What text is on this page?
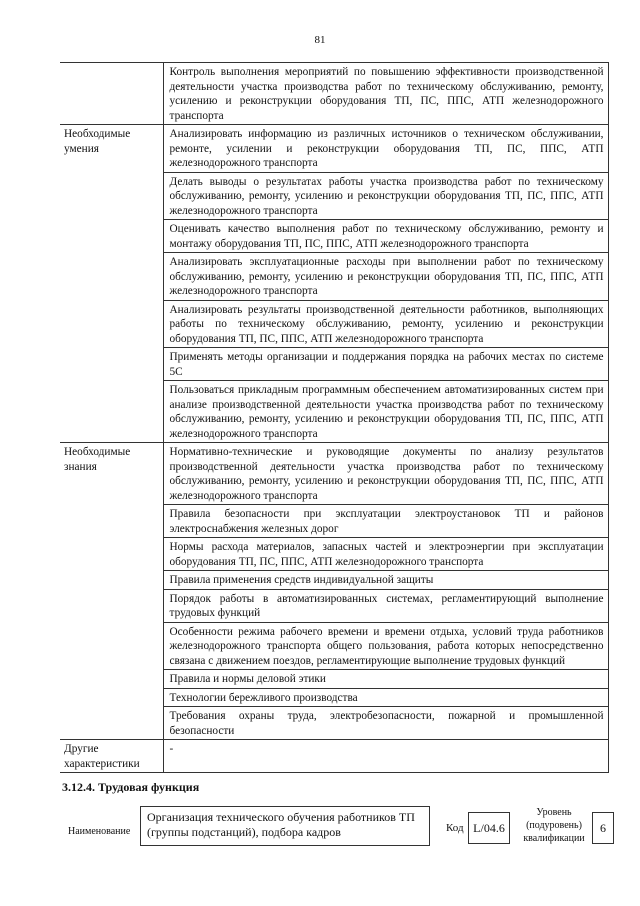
81
	Контроль выполнения мероприятий по повышению эффективности производственной деятельности участка производства работ по техническому обслуживанию, ремонту, усилению и реконструкции оборудования ТП, ПС, ППС, АТП железнодорожного транспорта
Необходимые умения	Анализировать информацию из различных источников о техническом обслуживании, ремонте, усилении и реконструкции оборудования ТП, ПС, ППС, АТП железнодорожного транспорта
	Делать выводы о результатах работы участка производства работ по техническому обслуживанию, ремонту, усилению и реконструкции оборудования ТП, ПС, ППС, АТП железнодорожного транспорта
	Оценивать качество выполнения работ по техническому обслуживанию, ремонту и монтажу оборудования ТП, ПС, ППС, АТП железнодорожного транспорта
	Анализировать эксплуатационные расходы при выполнении работ по техническому обслуживанию, ремонту, усилению и реконструкции оборудования ТП, ПС, ППС, АТП железнодорожного транспорта
	Анализировать результаты производственной деятельности работников, выполняющих работы по техническому обслуживанию, ремонту, усилению и реконструкции оборудования ТП, ПС, ППС, АТП железнодорожного транспорта
	Применять методы организации и поддержания порядка на рабочих местах по системе 5С
	Пользоваться прикладным программным обеспечением автоматизированных систем при анализе производственной деятельности участка производства работ по техническому обслуживанию, ремонту, усилению и реконструкции оборудования ТП, ПС, ППС, АТП железнодорожного транспорта
Необходимые знания	Нормативно-технические и руководящие документы по анализу результатов производственной деятельности участка производства работ по техническому обслуживанию, ремонту, усилению и реконструкции оборудования ТП, ПС, ППС, АТП железнодорожного транспорта
	Правила безопасности при эксплуатации электроустановок ТП и районов электроснабжения железных дорог
	Нормы расхода материалов, запасных частей и электроэнергии при эксплуатации оборудования ТП, ПС, ППС, АТП железнодорожного транспорта
	Правила применения средств индивидуальной защиты
	Порядок работы в автоматизированных системах, регламентирующий выполнение трудовых функций
	Особенности режима рабочего времени и времени отдыха, условий труда работников железнодорожного транспорта общего пользования, работа которых непосредственно связана с движением поездов, регламентирующие выполнение трудовых функций
	Правила и нормы деловой этики
	Технологии бережливого производства
	Требования охраны труда, электробезопасности, пожарной и промышленной безопасности
Другие характеристики	-
3.12.4. Трудовая функция
Наименование
Организация технического обучения работников ТП (группы подстанций), подбора кадров	Код L/04.6
Уровень (подуровень) квалификации
6
